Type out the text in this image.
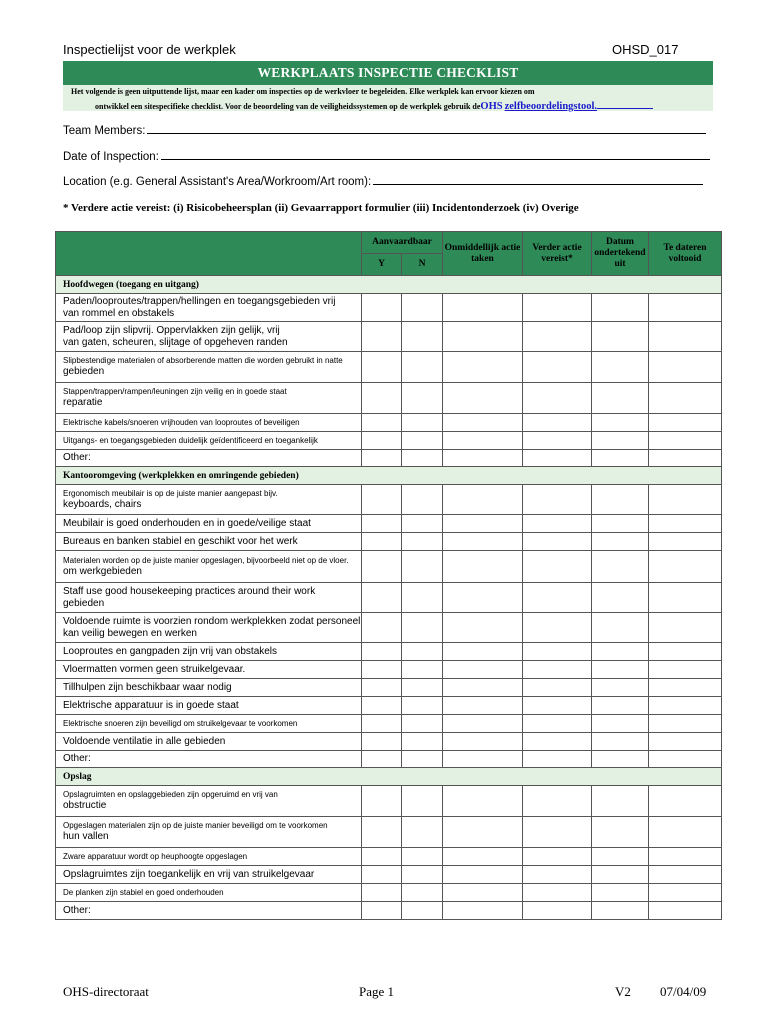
Inspectielijst voor de werkplek	OHSD_017
WERKPLAATS INSPECTIE CHECKLIST
Het volgende is geen uitputtende lijst, maar een kader om inspecties op de werkvloer te begeleiden. Elke werkplek kan ervoor kiezen om
ontwikkel een sitespecifieke checklist. Voor de beoordeling van de veiligheidssystemen op de werkplek gebruik deOHS zelfbeoordelingstool.
Team Members:
Date of Inspection:
Location (e.g. General Assistant's Area/Workroom/Art room):
* Verdere actie vereist: (i) Risicobeheersplan (ii) Gevaarrapport formulier (iii) Incidentonderzoek (iv) Overige
	Aanvaardbaar		Onmiddellijk actie taken	Verder actie vereist*	Datum ondertekend uit	Te dateren voltooid
	Y	N				
Hoofdwegen (toegang en uitgang)						

Paden/looproutes/trappen/hellingen en toegangsgebieden vrij
van rommel en obstakels						

Pad/loop zijn slipvrij. Oppervlakken zijn gelijk, vrij
van gaten, scheuren, slijtage of opgeheven randen						

Slipbestendige materialen of absorberende matten die worden gebruikt in natte
gebieden						

Stappen/trappen/rampen/leuningen zijn veilig en in goede staat
reparatie						

Elektrische kabels/snoeren vrijhouden van looproutes of beveiligen						

Uitgangs- en toegangsgebieden duidelijk geïdentificeerd en toegankelijk						

Other:						

Kantooromgeving (werkplekken en omringende gebieden)						

Ergonomisch meubilair is op de juiste manier aangepast bijv.
keyboards, chairs						

Meubilair is goed onderhouden en in goede/veilige staat						

Bureaus en banken stabiel en geschikt voor het werk						

Materialen worden op de juiste manier opgeslagen, bijvoorbeeld niet op de vloer.
om werkgebieden						

Staff use good housekeeping practices around their work
gebieden						

Voldoende ruimte is voorzien rondom werkplekken zodat personeel
kan veilig bewegen en werken						

Looproutes en gangpaden zijn vrij van obstakels						

Vloermatten vormen geen struikelgevaar.						

Tillhulpen zijn beschikbaar waar nodig						

Elektrische apparatuur is in goede staat						

Elektrische snoeren zijn beveiligd om struikelgevaar te voorkomen						

Voldoende ventilatie in alle gebieden						

Other:						

Opslag						

Opslagruimten en opslaggebieden zijn opgeruimd en vrij van
obstructie						

Opgeslagen materialen zijn op de juiste manier beveiligd om te voorkomen
hun vallen						

Zware apparatuur wordt op heuphoogte opgeslagen						

Opslagruimtes zijn toegankelijk en vrij van struikelgevaar						

De planken zijn stabiel en goed onderhouden						

Other:						

OHS-directoraat	Page 1	V2 07/04/09
